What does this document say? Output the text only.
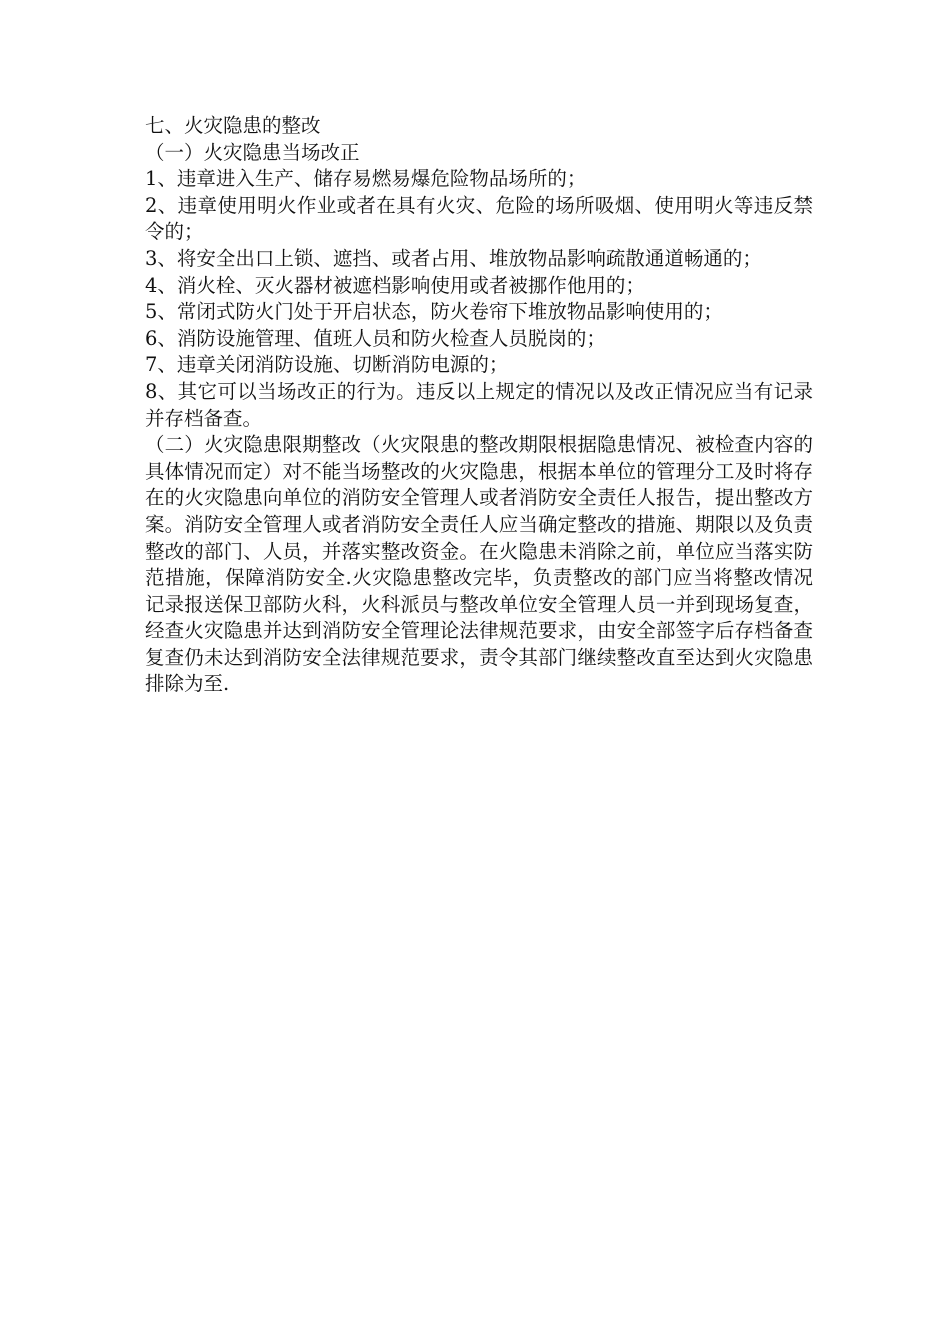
七、火灾隐患的整改

（一）火灾隐患当场改正

1、违章进入生产、储存易燃易爆危险物品场所的；

2、违章使用明火作业或者在具有火灾、危险的场所吸烟、使用明火等违反禁令的；

3、将安全出口上锁、遮挡、或者占用、堆放物品影响疏散通道畅通的；

4、消火栓、灭火器材被遮档影响使用或者被挪作他用的；

5、常闭式防火门处于开启状态，防火卷帘下堆放物品影响使用的；

6、消防设施管理、值班人员和防火检查人员脱岗的；

7、违章关闭消防设施、切断消防电源的；

8、其它可以当场改正的行为。违反以上规定的情况以及改正情况应当有记录并存档备查。

（二）火灾隐患限期整改（火灾限患的整改期限根据隐患情况、被检查内容的具体情况而定）对不能当场整改的火灾隐患，根据本单位的管理分工及时将存在的火灾隐患向单位的消防安全管理人或者消防安全责任人报告，提出整改方案。消防安全管理人或者消防安全责任人应当确定整改的措施、期限以及负责整改的部门、人员，并落实整改资金。在火隐患未消除之前，单位应当落实防范措施，保障消防安全.火灾隐患整改完毕，负责整改的部门应当将整改情况记录报送保卫部防火科，火科派员与整改单位安全管理人员一并到现场复查，经查火灾隐患并达到消防安全管理论法律规范要求，由安全部签字后存档备查复查仍未达到消防安全法律规范要求，责令其部门继续整改直至达到火灾隐患排除为至.
